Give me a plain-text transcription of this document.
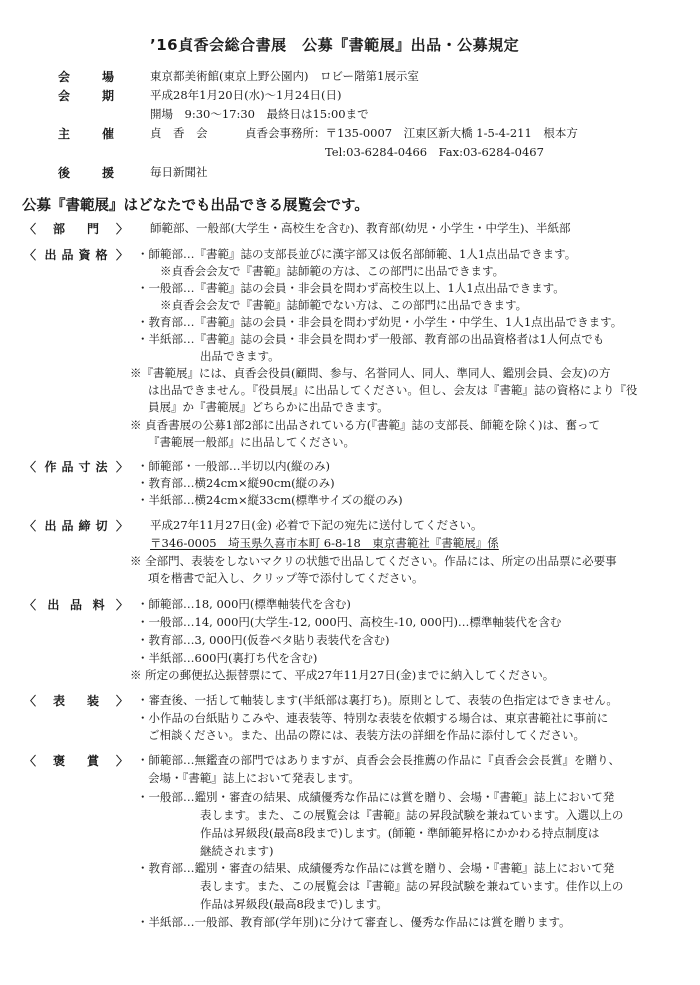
’16貞香会総合書展　公募『書範展』出品・公募規定
会	場	東京都美術館(東京上野公園内)　ロビー階第1展示室
会	期	平成28年1月20日(水)～1月24日(日)
開場　9:30～17:30　最終日は15:00まで
主	催	貞　香　会	貞香会事務所：〒135-0007　江東区新大橋 1-5-4-211　根本方
Tel:03-6284-0466　Fax:03-6284-0467
後	援	毎日新聞社
公募『書範展』はどなたでも出品できる展覧会です。
〈 部 門 〉 師範部、一般部(大学生・高校生を含む)、教育部(幼児・小学生・中学生)、半紙部
〈 出 品 資 格 〉 ・師範部…『書範』誌の支部長並びに漢字部又は仮名部師範、1人1点出品できます。
※貞香会会友で『書範』誌師範の方は、この部門に出品できます。
・一般部…『書範』誌の会員・非会員を問わず高校生以上、1人1点出品できます。
※貞香会会友で『書範』誌師範でない方は、この部門に出品できます。
・教育部…『書範』誌の会員・非会員を問わず幼児・小学生・中学生、1人1点出品できます。
・半紙部…『書範』誌の会員・非会員を問わず一般部、教育部の出品資格者は1人何点でも
出品できます。
※『書範展』には、貞香会役員(顧問、参与、名誉同人、同人、準同人、鑑別会員、会友)の方
は出品できません。『役員展』に出品してください。但し、会友は『書範』誌の資格により『役
員展』か『書範展』どちらかに出品できます。
※ 貞香書展の公募1部2部に出品されている方(『書範』誌の支部長、師範を除く)は、奮って
『書範展一般部』に出品してください。
〈 作 品 寸 法 〉 ・師範部・一般部…半切以内(縦のみ)
・教育部…横24cm×縦90cm(縦のみ)
・半紙部…横24cm×縦33cm(標準サイズの縦のみ)
〈 出 品 締 切 〉 平成27年11月27日(金) 必着で下記の宛先に送付してください。
〒346-0005　埼玉県久喜市本町 6-8-18　東京書範社『書範展』係
※ 全部門、表装をしないマクリの状態で出品してください。作品には、所定の出品票に必要事
項を楷書で記入し、クリップ等で添付してください。
〈 出 品 料 〉 ・師範部…18, 000円(標準軸装代を含む)
・一般部…14, 000円(大学生-12, 000円、高校生-10, 000円)…標準軸装代を含む
・教育部…3, 000円(仮巻ベタ貼り表装代を含む)
・半紙部…600円(裏打ち代を含む)
※ 所定の郵便払込振替票にて、平成27年11月27日(金)までに納入してください。
〈 表 装 〉 ・審査後、一括して軸装します(半紙部は裏打ち)。原則として、表装の色指定はできません。
・小作品の台紙貼りこみや、連表装等、特別な表装を依頼する場合は、東京書範社に事前に
ご相談ください。また、出品の際には、表装方法の詳細を作品に添付してください。
〈 褒 賞 〉 ・師範部…無鑑査の部門ではありますが、貞香会会長推薦の作品に『貞香会会長賞』を贈り、
会場・『書範』誌上において発表します。
・一般部…鑑別・審査の結果、成績優秀な作品には賞を贈り、会場・『書範』誌上において発
表します。また、この展覧会は『書範』誌の昇段試験を兼ねています。入選以上の
作品は昇級段(最高8段まで)します。(師範・準師範昇格にかかわる持点制度は
継続されます)
・教育部…鑑別・審査の結果、成績優秀な作品には賞を贈り、会場・『書範』誌上において発
表します。また、この展覧会は『書範』誌の昇段試験を兼ねています。佳作以上の
作品は昇級段(最高8段まで)します。
・半紙部…一般部、教育部(学年別)に分けて審査し、優秀な作品には賞を贈ります。
